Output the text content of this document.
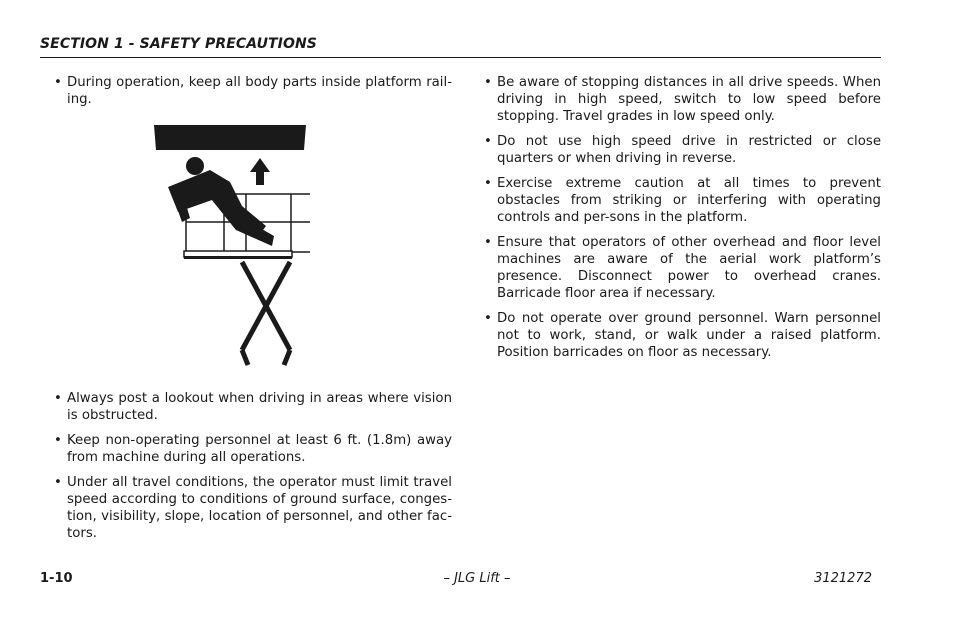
SECTION 1 - SAFETY PRECAUTIONS
• During operation, keep all body parts inside platform rail-ing.
• Always post a lookout when driving in areas where vision is obstructed.
• Keep non-operating personnel at least 6 ft. (1.8m) away from machine during all operations.
• Under all travel conditions, the operator must limit travel speed according to conditions of ground surface, conges-tion, visibility, slope, location of personnel, and other fac-tors.
• Be aware of stopping distances in all drive speeds. When driving in high speed, switch to low speed before stopping. Travel grades in low speed only.
• Do not use high speed drive in restricted or close quarters or when driving in reverse.
• Exercise extreme caution at all times to prevent obstacles from striking or interfering with operating controls and per-sons in the platform.
• Ensure that operators of other overhead and floor level machines are aware of the aerial work platform’s presence. Disconnect power to overhead cranes. Barricade floor area if necessary.
• Do not operate over ground personnel. Warn personnel not to work, stand, or walk under a raised platform. Position barricades on floor as necessary.
1-10	– JLG Lift –	3121272
